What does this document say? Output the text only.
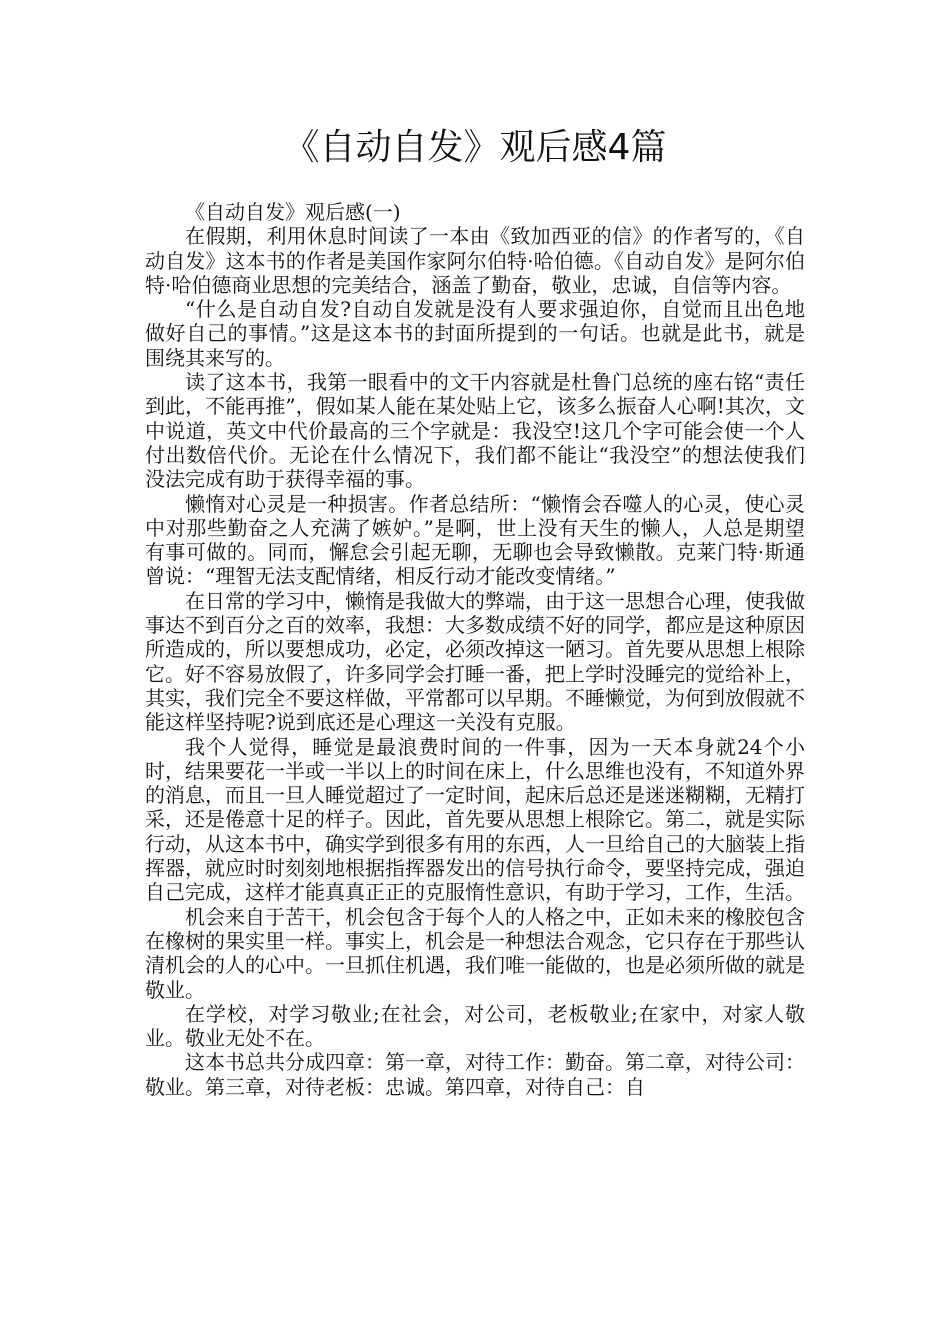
《自动自发》观后感4篇

《自动自发》观后感(一)

在假期，利用休息时间读了一本由《致加西亚的信》的作者写的，《自动自发》这本书的作者是美国作家阿尔伯特·哈伯德。《自动自发》是阿尔伯特·哈伯德商业思想的完美结合，涵盖了勤奋，敬业，忠诚，自信等内容。

“什么是自动自发?自动自发就是没有人要求强迫你，自觉而且出色地做好自己的事情。”这是这本书的封面所提到的一句话。也就是此书，就是围绕其来写的。

读了这本书，我第一眼看中的文干内容就是杜鲁门总统的座右铭“责任到此，不能再推”，假如某人能在某处贴上它，该多么振奋人心啊!其次，文中说道，英文中代价最高的三个字就是：我没空!这几个字可能会使一个人付出数倍代价。无论在什么情况下，我们都不能让“我没空”的想法使我们没法完成有助于获得幸福的事。

懒惰对心灵是一种损害。作者总结所：“懒惰会吞噬人的心灵，使心灵中对那些勤奋之人充满了嫉妒。”是啊，世上没有天生的懒人，人总是期望有事可做的。同而，懈怠会引起无聊，无聊也会导致懒散。克莱门特·斯通曾说：“理智无法支配情绪，相反行动才能改变情绪。”

在日常的学习中，懒惰是我做大的弊端，由于这一思想合心理，使我做事达不到百分之百的效率，我想：大多数成绩不好的同学，都应是这种原因所造成的，所以要想成功，必定，必须改掉这一陋习。首先要从思想上根除它。好不容易放假了，许多同学会打睡一番，把上学时没睡完的觉给补上，其实，我们完全不要这样做，平常都可以早期。不睡懒觉，为何到放假就不能这样坚持呢?说到底还是心理这一关没有克服。

我个人觉得，睡觉是最浪费时间的一件事，因为一天本身就24个小时，结果要花一半或一半以上的时间在床上，什么思维也没有，不知道外界的消息，而且一旦人睡觉超过了一定时间，起床后总还是迷迷糊糊，无精打采，还是倦意十足的样子。因此，首先要从思想上根除它。第二，就是实际行动，从这本书中，确实学到很多有用的东西，人一旦给自己的大脑装上指挥器，就应时时刻刻地根据指挥器发出的信号执行命令，要坚持完成，强迫自己完成，这样才能真真正正的克服惰性意识，有助于学习，工作，生活。

机会来自于苦干，机会包含于每个人的人格之中，正如未来的橡胶包含在橡树的果实里一样。事实上，机会是一种想法合观念，它只存在于那些认清机会的人的心中。一旦抓住机遇，我们唯一能做的，也是必须所做的就是敬业。

在学校，对学习敬业;在社会，对公司，老板敬业;在家中，对家人敬业。敬业无处不在。

这本书总共分成四章：第一章，对待工作：勤奋。第二章，对待公司：敬业。第三章，对待老板：忠诚。第四章，对待自己：自
